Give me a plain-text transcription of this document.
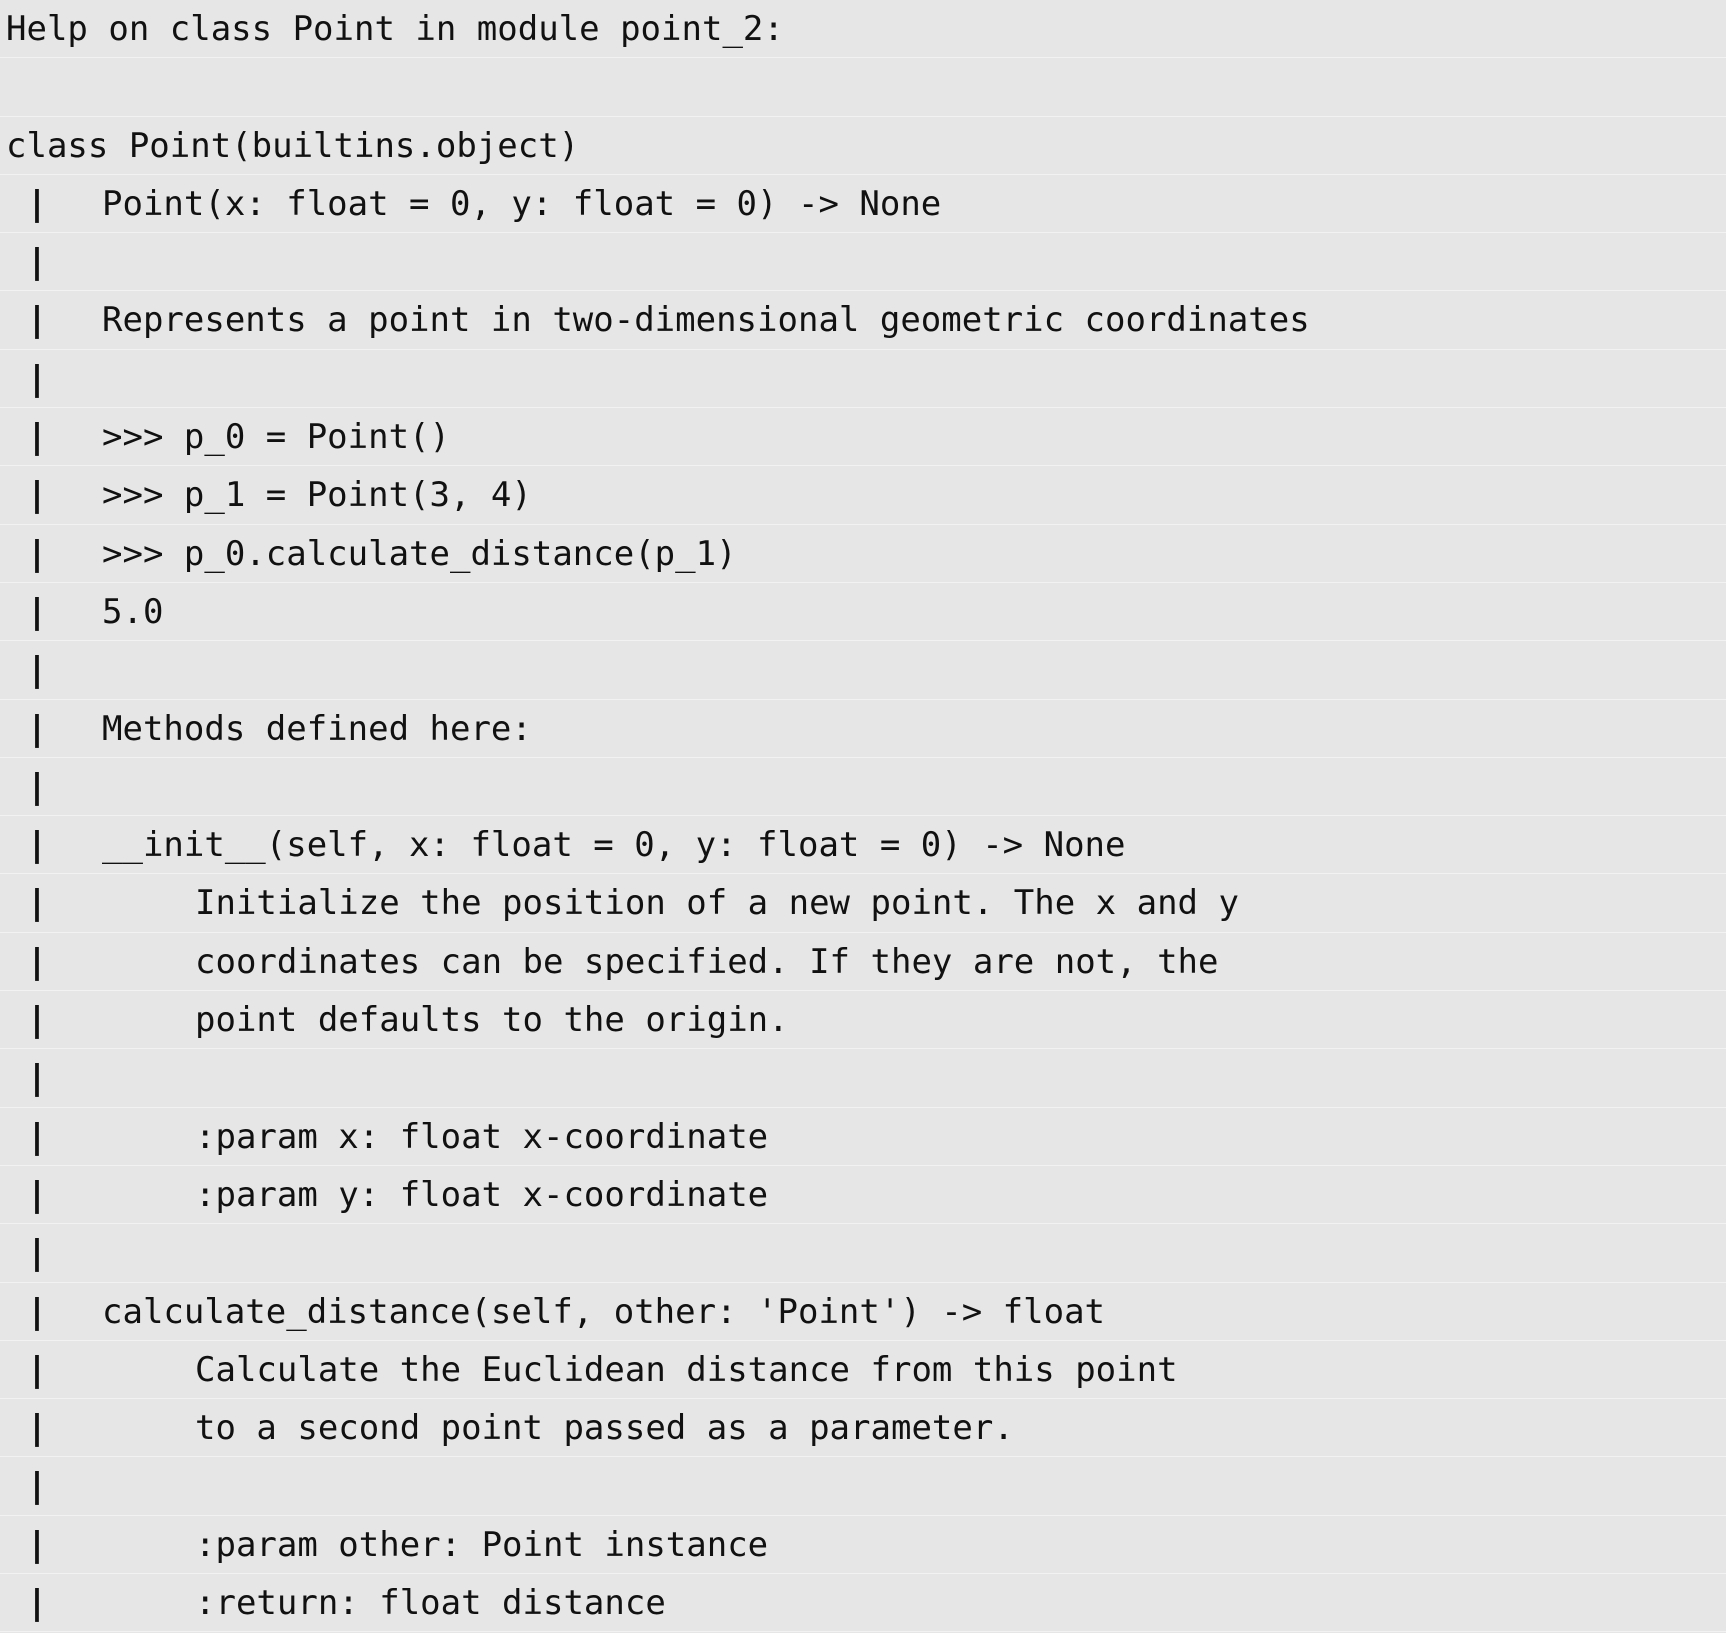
Help on class Point in module point_2:
class Point(builtins.object)
| Point(x: float = 0, y: float = 0) -> None
|
| Represents a point in two-dimensional geometric coordinates
|
| >>> p_0 = Point()
| >>> p_1 = Point(3, 4)
| >>> p_0.calculate_distance(p_1)
| 5.0
|
| Methods defined here:
|
| __init__(self, x: float = 0, y: float = 0) -> None
|	Initialize the position of a new point. The x and y
|	coordinates can be specified. If they are not, the
|	point defaults to the origin.
|
|	:param x: float x-coordinate
|	:param y: float x-coordinate
|
| calculate_distance(self, other: 'Point') -> float
|	Calculate the Euclidean distance from this point
|	to a second point passed as a parameter.
|
|	:param other: Point instance
|	:return: float distance
